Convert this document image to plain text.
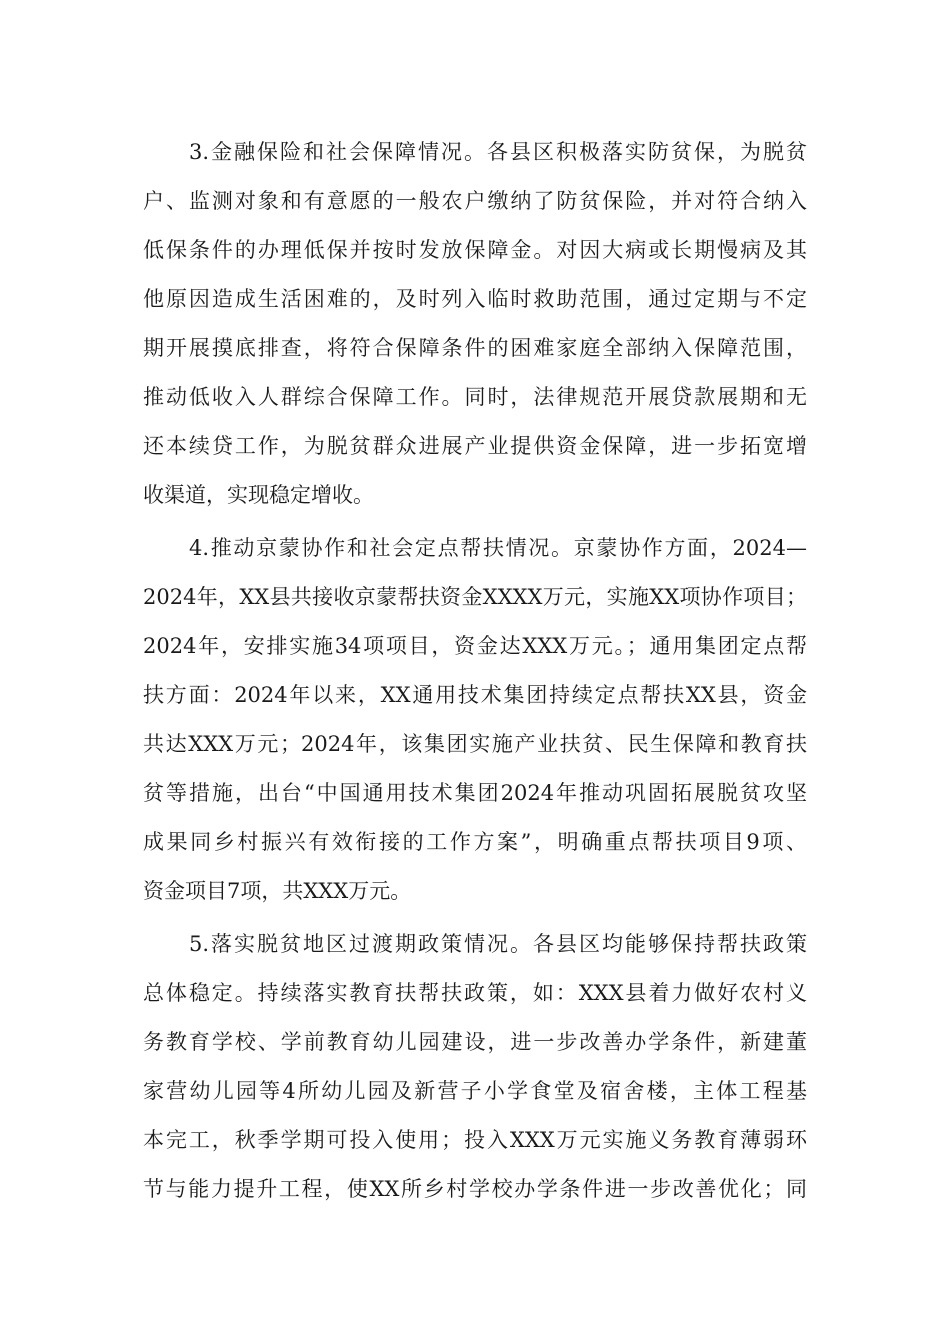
3.金融保险和社会保障情况。各县区积极落实防贫保，为脱贫
户、监测对象和有意愿的一般农户缴纳了防贫保险，并对符合纳入
低保条件的办理低保并按时发放保障金。对因大病或长期慢病及其
他原因造成生活困难的，及时列入临时救助范围，通过定期与不定
期开展摸底排查，将符合保障条件的困难家庭全部纳入保障范围，
推动低收入人群综合保障工作。同时，法律规范开展贷款展期和无
还本续贷工作，为脱贫群众进展产业提供资金保障，进一步拓宽增
收渠道，实现稳定增收。
4.推动京蒙协作和社会定点帮扶情况。京蒙协作方面，2024—
2024年，XX县共接收京蒙帮扶资金XXXX万元，实施XX项协作项目；
2024年，安排实施34项项目，资金达XXX万元。；通用集团定点帮
扶方面：2024年以来，XX通用技术集团持续定点帮扶XX县，资金
共达XXX万元；2024年，该集团实施产业扶贫、民生保障和教育扶
贫等措施，出台“中国通用技术集团2024年推动巩固拓展脱贫攻坚
成果同乡村振兴有效衔接的工作方案”，明确重点帮扶项目9项、
资金项目7项，共XXX万元。
5.落实脱贫地区过渡期政策情况。各县区均能够保持帮扶政策
总体稳定。持续落实教育扶帮扶政策，如：XXX县着力做好农村义
务教育学校、学前教育幼儿园建设，进一步改善办学条件，新建董
家营幼儿园等4所幼儿园及新营子小学食堂及宿舍楼，主体工程基
本完工，秋季学期可投入使用；投入XXX万元实施义务教育薄弱环
节与能力提升工程，使XX所乡村学校办学条件进一步改善优化；同
